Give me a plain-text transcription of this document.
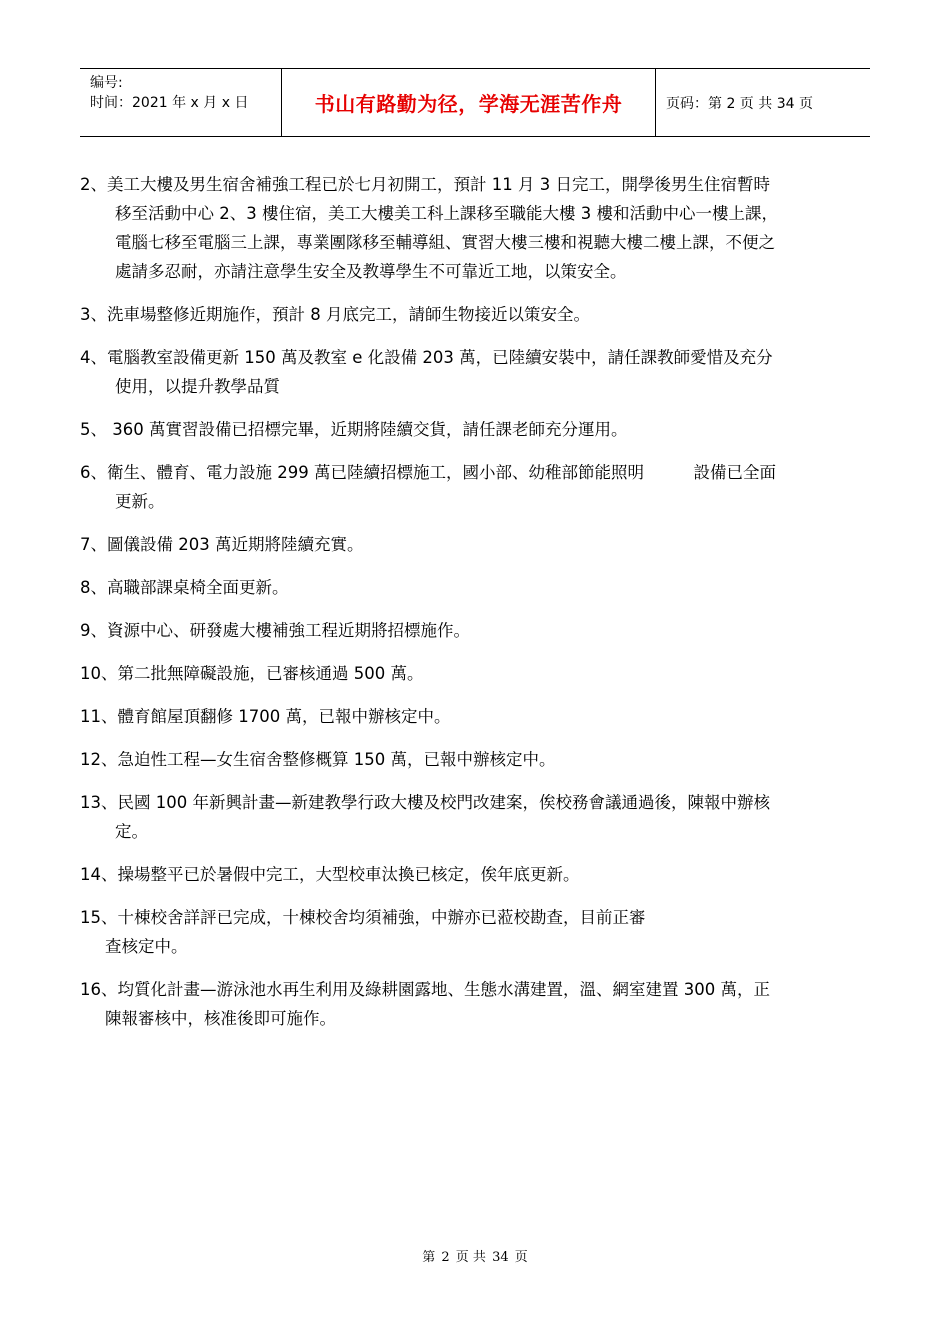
编号:
时间：2021 年 x 月 x 日	书山有路勤为径，学海无涯苦作舟	页码：第 2 页 共 34 页

2、美工大樓及男生宿舍補強工程已於七月初開工，預計 11 月 3 日完工，開學後男生住宿暫時

移至活動中心 2、3 樓住宿，美工大樓美工科上課移至職能大樓 3 樓和活動中心一樓上課，

電腦七移至電腦三上課，專業團隊移至輔導組、實習大樓三樓和視聽大樓二樓上課，不便之

處請多忍耐，亦請注意學生安全及教導學生不可靠近工地，以策安全。

3、洗車場整修近期施作，預計 8 月底完工，請師生物接近以策安全。

4、電腦教室設備更新 150 萬及教室 e 化設備 203 萬，已陸續安裝中，請任課教師愛惜及充分

使用，以提升教學品質

5、 360 萬實習設備已招標完畢，近期將陸續交貨，請任課老師充分運用。

6、衛生、體育、電力設施 299 萬已陸續招標施工，國小部、幼稚部節能照明　　　設備已全面

更新。

7、圖儀設備 203 萬近期將陸續充實。

8、高職部課桌椅全面更新。

9、資源中心、研發處大樓補強工程近期將招標施作。

10、第二批無障礙設施，已審核通過 500 萬。

11、體育館屋頂翻修 1700 萬，已報中辦核定中。

12、急迫性工程—女生宿舍整修概算 150 萬，已報中辦核定中。

13、民國 100 年新興計畫—新建教學行政大樓及校門改建案，俟校務會議通過後，陳報中辦核

定。

14、操場整平已於暑假中完工，大型校車汰換已核定，俟年底更新。

15、十棟校舍詳評已完成，十棟校舍均須補強，中辦亦已蒞校勘查，目前正審

查核定中。

16、均質化計畫—游泳池水再生利用及綠耕園露地、生態水溝建置，溫、網室建置 300 萬，正

陳報審核中，核准後即可施作。

第 2 页 共 34 页
